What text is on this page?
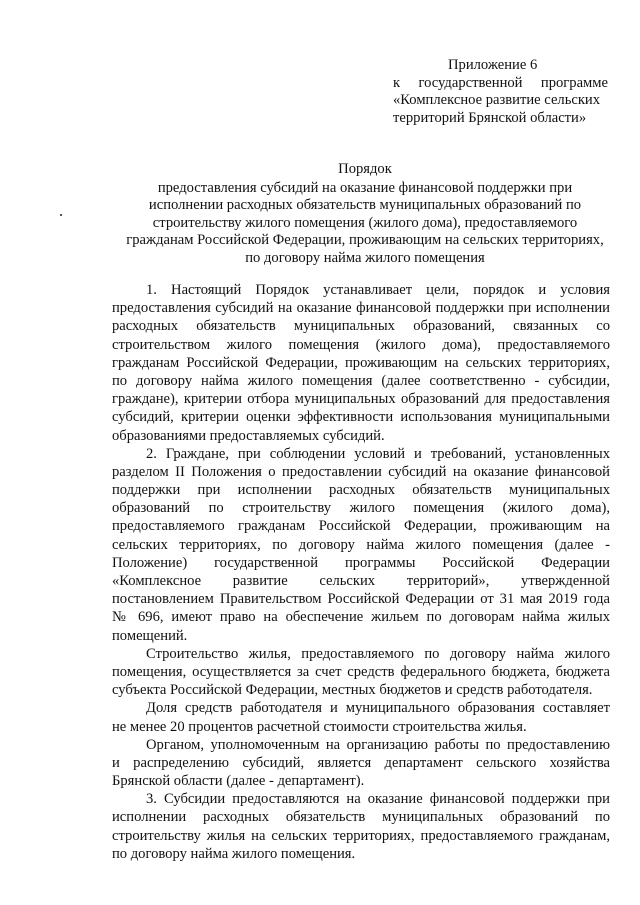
Приложение 6
к государственной программе
«Комплексное развитие сельских
территорий Брянской области»
Порядок
предоставления субсидий на оказание финансовой поддержки при
исполнении расходных обязательств муниципальных образований по
строительству жилого помещения (жилого дома), предоставляемого
гражданам Российской Федерации, проживающим на сельских территориях,
по договору найма жилого помещения
1. Настоящий Порядок устанавливает цели, порядок и условия
предоставления субсидий на оказание финансовой поддержки при исполнении
расходных обязательств муниципальных образований, связанных со
строительством жилого помещения (жилого дома), предоставляемого
гражданам Российской Федерации, проживающим на сельских территориях,
по договору найма жилого помещения (далее соответственно - субсидии,
граждане), критерии отбора муниципальных образований для предоставления
субсидий, критерии оценки эффективности использования муниципальными
образованиями предоставляемых субсидий.
2. Граждане, при соблюдении условий и требований, установленных
разделом II Положения о предоставлении субсидий на оказание финансовой
поддержки при исполнении расходных обязательств муниципальных
образований по строительству жилого помещения (жилого дома),
предоставляемого гражданам Российской Федерации, проживающим на
сельских территориях, по договору найма жилого помещения (далее -
Положение) государственной программы Российской Федерации
«Комплексное развитие сельских территорий», утвержденной
постановлением Правительством Российской Федерации от 31 мая 2019 года
№ 696, имеют право на обеспечение жильем по договорам найма жилых
помещений.
Строительство жилья, предоставляемого по договору найма жилого
помещения, осуществляется за счет средств федерального бюджета, бюджета
субъекта Российской Федерации, местных бюджетов и средств работодателя.
Доля средств работодателя и муниципального образования составляет
не менее 20 процентов расчетной стоимости строительства жилья.
Органом, уполномоченным на организацию работы по предоставлению
и распределению субсидий, является департамент сельского хозяйства
Брянской области (далее - департамент).
3. Субсидии предоставляются на оказание финансовой поддержки при
исполнении расходных обязательств муниципальных образований по
строительству жилья на сельских территориях, предоставляемого гражданам,
по договору найма жилого помещения.
